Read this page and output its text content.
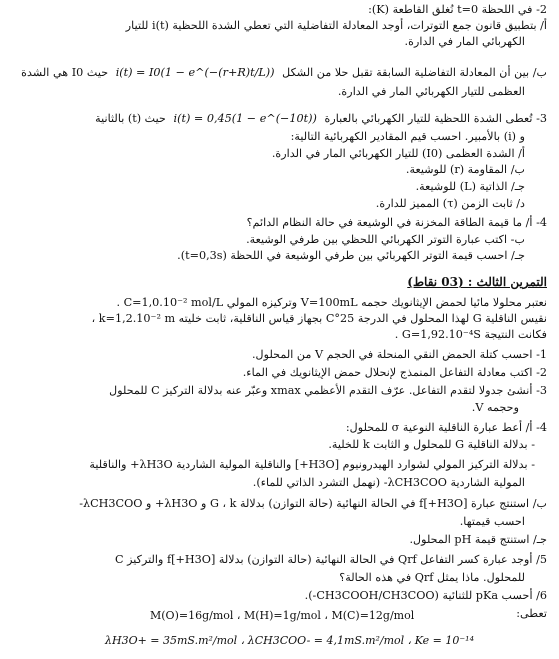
2- في اللحظة t=0 نُغلق القاطعة (K):
أ/ بتطبيق قانون جمع التوترات، أوجد المعادلة التفاضلية التي تعطي الشدة اللحظية i(t) للتيار
الكهربائي المار في الدارة.
ب/ بين أن المعادلة التفاضلية السابقة تقبل حلا من الشكل i(t) = I0(1 − e^(−(r+R)t/L)) حيث I0 هي الشدة
العظمى للتيار الكهربائي المار في الدارة.
3- تُعطى الشدة اللحظية للتيار الكهربائي بالعبارة i(t) = 0,45(1 − e^(−10t)) حيث (t) بالثانية
و (i) بالأمبير. احسب قيم المقادير الكهربائية التالية:
أ/ الشدة العظمى (I0) للتيار الكهربائي المار في الدارة.
ب/ المقاومة (r) للوشيعة.
جـ/ الذاتية (L) للوشيعة.
د/ ثابت الزمن (τ) المميز للدارة.
4- أ/ ما قيمة الطاقة المخزنة في الوشيعة في حالة النظام الدائم؟
ب- اكتب عبارة التوتر الكهربائي اللحظي بين طرفي الوشيعة.
جـ/ احسب قيمة التوتر الكهربائي بين طرفي الوشيعة في اللحظة (t=0,3s).
التمرين الثالث : (03 نقاط)
نعتبر محلولا مائيا لحمض الإيثانويك حجمه V=100mL وتركيزه المولي C=1,0.10⁻² mol/L .
نقيس الناقلية G لهذا المحلول في الدرجة 25°C بجهاز قياس الناقلية، ثابت خليته k=1,2.10⁻² m ،
فكانت النتيجة G=1,92.10⁻⁴S .
1- احسب كتلة الحمض النقي المنحلة في الحجم V من المحلول.
2- اكتب معادلة التفاعل المنمذج لإنحلال حمض الإيثانويك في الماء.
3- أنشئ جدولا لتقدم التفاعل. عرّف التقدم الأعظمي xmax وعبّر عنه بدلالة التركيز C للمحلول
وحجمه V.
4- أ/ أعط عبارة الناقلية النوعية σ للمحلول:
- بدلالة الناقلية G للمحلول و الثابت k للخلية.
- بدلالة التركيز المولي لشوارد الهيدرونيوم [H3O+] والناقلية المولية الشاردية λH3O+ والناقلية
المولية الشاردية λCH3COO- (نهمل التشرد الذاتي للماء).
ب/ استنتج عبارة [H3O+]f في الحالة النهائية (حالة التوازن) بدلالة G ، k و λH3O+ و λCH3COO-
احسب قيمتها.
جـ/ استنتج قيمة pH المحلول.
5/ أوجد عبارة كسر التفاعل Qrf في الحالة النهائية (حالة التوازن) بدلالة [H3O+]f والتركيز C
للمحلول. ماذا يمثل Qrf في هذه الحالة؟
6/ أحسب pKa للثنائية (CH3COOH/CH3COO-).
تعطى:
M(O)=16g/mol ، M(H)=1g/mol ، M(C)=12g/mol
λH3O+ = 35mS.m²/mol ، λCH3COO- = 4,1mS.m²/mol ، Ke = 10⁻¹⁴
